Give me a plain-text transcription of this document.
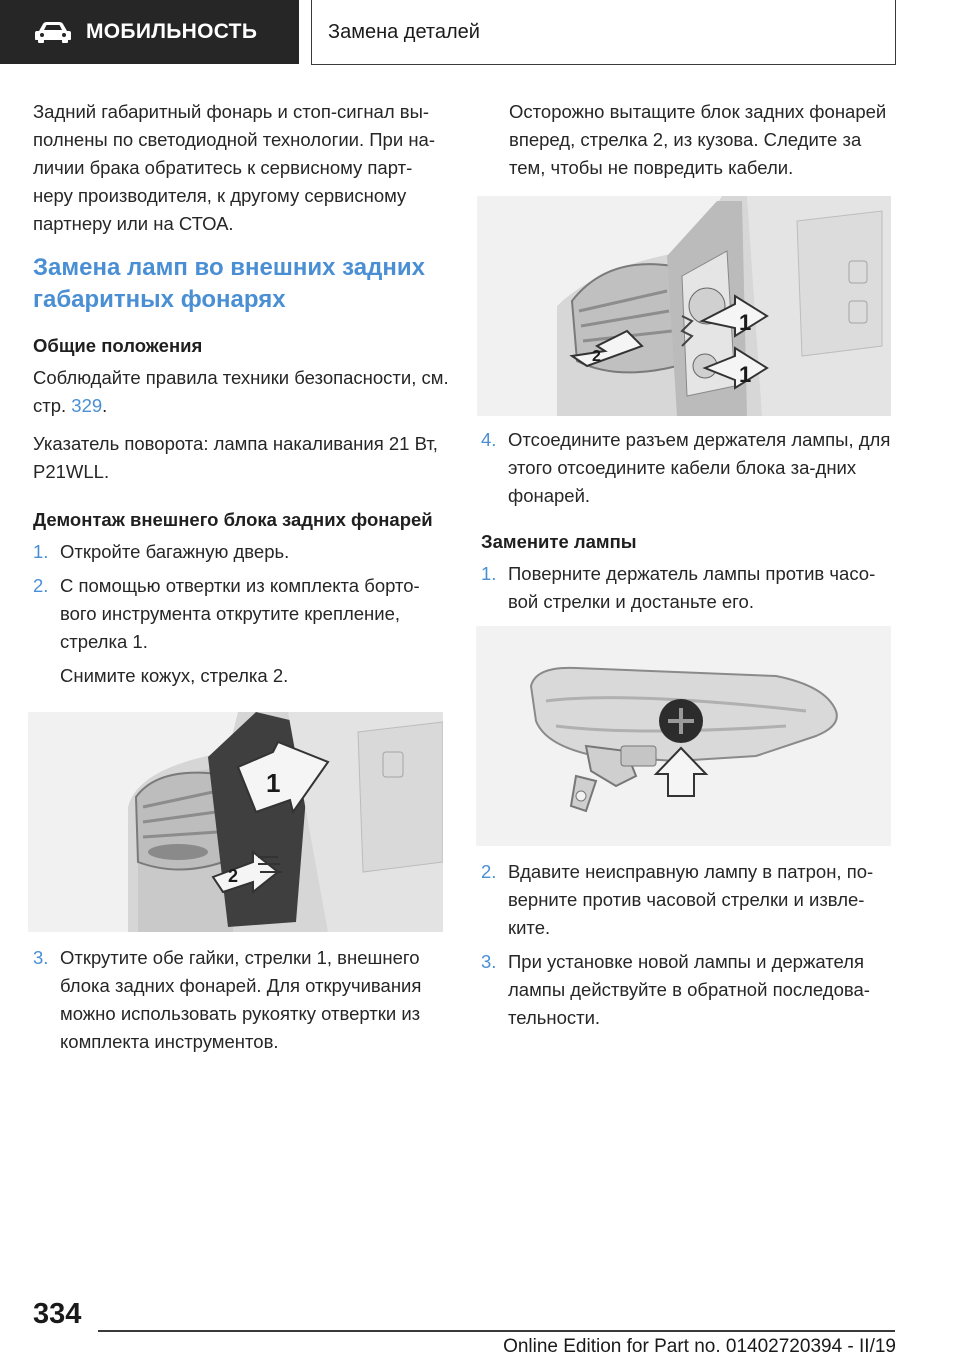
МОБИЛЬНОСТЬ	Замена деталей

Задний габаритный фонарь и стоп-сигнал вы-полнены по светодиодной технологии. При на-личии брака обратитесь к сервисному парт-неру производителя, к другому сервисному партнеру или на СТОА.

Замена ламп во внешних задних габаритных фонарях
Общие положения

Соблюдайте правила техники безопасности, см. стр. 329.

Указатель поворота: лампа накаливания 21 Вт, P21WLL.

Демонтаж внешнего блока задних фонарей
1. Откройте багажную дверь.
2. С помощью отвертки из комплекта борто-вого инструмента открутите крепление, стрелка 1.
Снимите кожух, стрелка 2.
1
2
3. Открутите обе гайки, стрелки 1, внешнего блока задних фонарей. Для откручивания можно использовать рукоятку отвертки из комплекта инструментов.

Осторожно вытащите блок задних фонарей вперед, стрелка 2, из кузова. Следите за тем, чтобы не повредить кабели.

1
1
2
4. Отсоедините разъем держателя лампы, для этого отсоедините кабели блока за-дних фонарей.
Замените лампы
1. Поверните держатель лампы против часо-вой стрелки и достаньте его.
2. Вдавите неисправную лампу в патрон, по-верните против часовой стрелки и извле-ките.
3. При установке новой лампы и держателя лампы действуйте в обратной последова-тельности.
334
Online Edition for Part no. 01402720394 - II/19
